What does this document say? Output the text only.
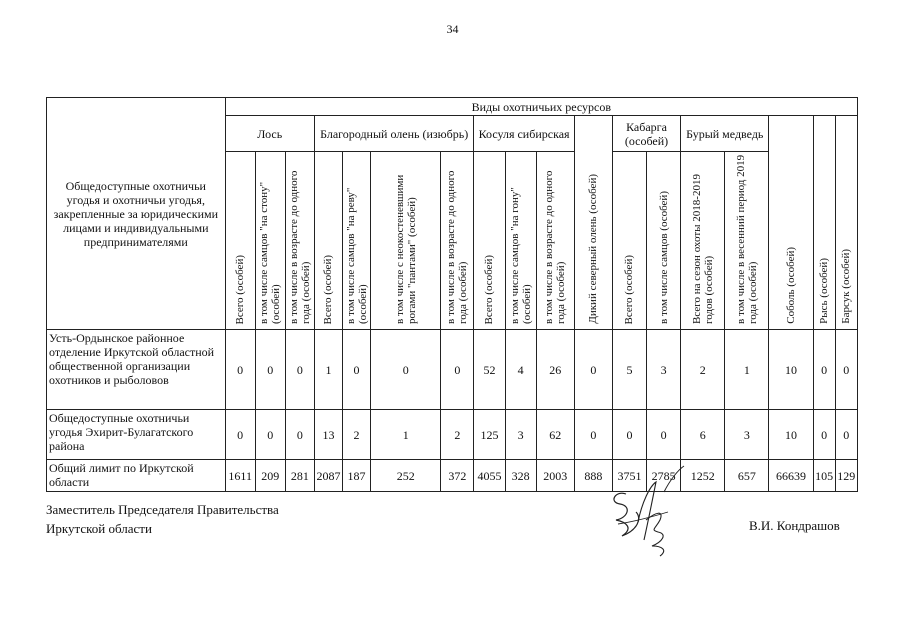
34
Общедоступные охотничьи угодья и охотничьи угодья, закрепленные за юридическими лицами и индивидуальными предпринимателями	Виды охотничьих ресурсов																	
	Лось			Благородный олень (изюбрь)				Косуля сибирская			Дикий северный олень (особей)	Кабарга (особей)		Бурый медведь		Соболь (особей)	Рысь (особей)	Барсук (особей)
	Всего (особей)	в том числе самцов "на стону" (особей)	в том числе в возрасте до одного года (особей)	Всего (особей)	в том числе самцов "на реву" (особей)	в том числе с неокостеневшими рогами "пантами" (особей)	в том числе в возрасте до одного года (особей)	Всего (особей)	в том числе самцов "на гону" (особей)	в том числе в возрасте до одного года (особей)		Всего (особей)	в том числе самцов (особей)	Всего на сезон охоты 2018-2019 годов (особей)	в том числе в весенний период 2019 года (особей)			
Усть-Ордынское районное отделение Иркутской областной общественной организации охотников и рыболовов	0	0	0	1	0	0	0	52	4	26	0	5	3	2	1	10	0	0
Общедоступные охотничьи угодья Эхирит-Булагатского района	0	0	0	13	2	1	2	125	3	62	0	0	0	6	3	10	0	0
Общий лимит по Иркутской области	1611	209	281	2087	187	252	372	4055	328	2003	888	3751	2785	1252	657	66639	105	129
Заместитель Председателя Правительства
Иркутской области	В.И. Кондрашов
